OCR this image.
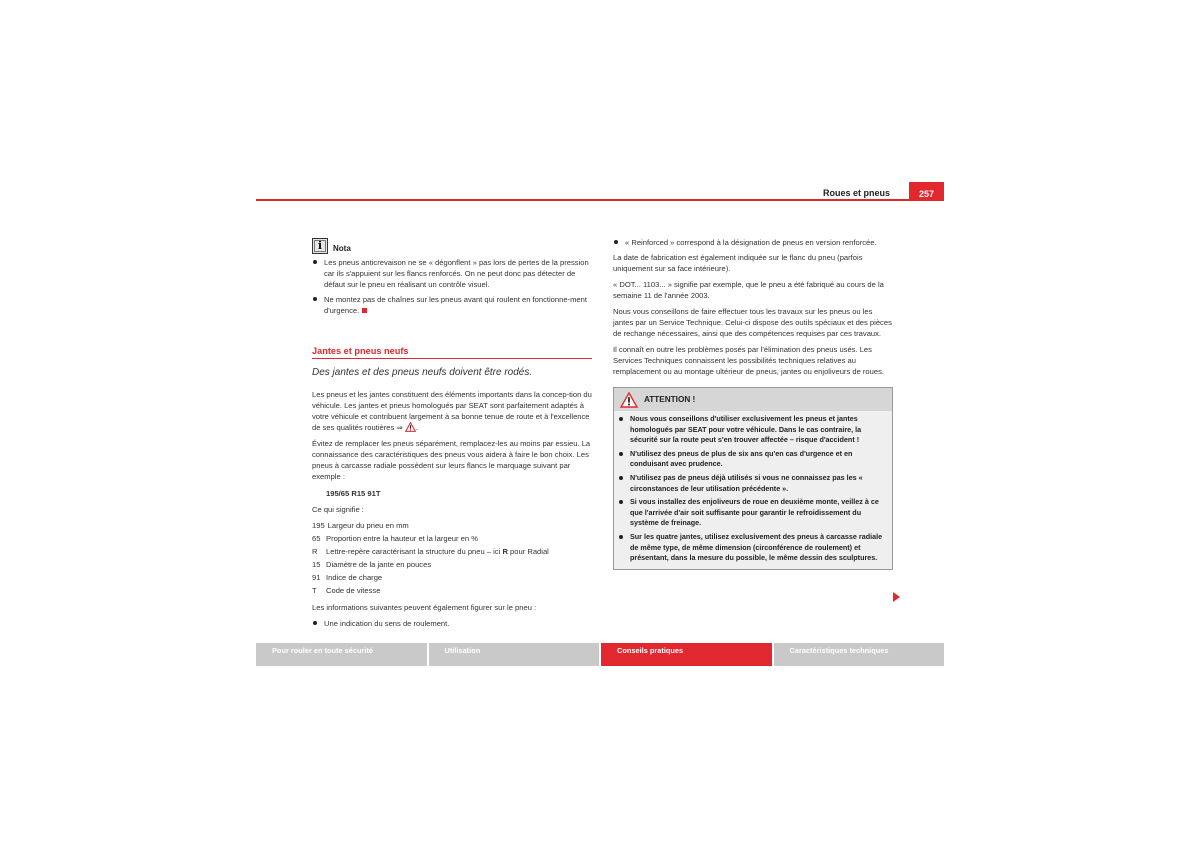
Roues et pneus	257
i	Nota
Les pneus anticrevaison ne se « dégonflent » pas lors de pertes de la pression car ils s'appuient sur les flancs renforcés. On ne peut donc pas détecter de défaut sur le pneu en réalisant un contrôle visuel.
Ne montez pas de chaînes sur les pneus avant qui roulent en fonctionne-ment d'urgence.
Jantes et pneus neufs
Des jantes et des pneus neufs doivent être rodés.

Les pneus et les jantes constituent des éléments importants dans la concep-tion du véhicule. Les jantes et pneus homologués par SEAT sont parfaitement adaptés à votre véhicule et contribuent largement à sa bonne tenue de route et à l'excellence de ses qualités routières ⇒ .

Évitez de remplacer les pneus séparément, remplacez-les au moins par essieu. La connaissance des caractéristiques des pneus vous aidera à faire le bon choix. Les pneus à carcasse radiale possèdent sur leurs flancs le marquage suivant par exemple :

195/65 R15 91T

Ce qui signifie :

195 Largeur du pneu en mm
65 Proportion entre la hauteur et la largeur en %
R	Lettre-repère caractérisant la structure du pneu – ici R pour Radial
15 Diamètre de la jante en pouces
91 Indice de charge
T	Code de vitesse

Les informations suivantes peuvent également figurer sur le pneu :

Une indication du sens de roulement.
« Reinforced » correspond à la désignation de pneus en version renforcée.

La date de fabrication est également indiquée sur le flanc du pneu (parfois uniquement sur sa face intérieure).

« DOT... 1103... » signifie par exemple, que le pneu a été fabriqué au cours de la semaine 11 de l'année 2003.

Nous vous conseillons de faire effectuer tous les travaux sur les pneus ou les jantes par un Service Technique. Celui-ci dispose des outils spéciaux et des pièces de rechange nécessaires, ainsi que des compétences requises par ces travaux.

Il connaît en outre les problèmes posés par l'élimination des pneus usés. Les Services Techniques connaissent les possibilités techniques relatives au remplacement ou au montage ultérieur de pneus, jantes ou enjoliveurs de roues.

ATTENTION !
Nous vous conseillons d'utiliser exclusivement les pneus et jantes homologués par SEAT pour votre véhicule. Dans le cas contraire, la sécurité sur la route peut s'en trouver affectée – risque d'accident !
N'utilisez des pneus de plus de six ans qu'en cas d'urgence et en conduisant avec prudence.
N'utilisez pas de pneus déjà utilisés si vous ne connaissez pas les « circonstances de leur utilisation précédente ».
Si vous installez des enjoliveurs de roue en deuxième monte, veillez à ce que l'arrivée d'air soit suffisante pour garantir le refroidissement du système de freinage.
Sur les quatre jantes, utilisez exclusivement des pneus à carcasse radiale de même type, de même dimension (circonférence de roulement) et présentant, dans la mesure du possible, le même dessin des sculptures.
Pour rouler en toute sécurité	Utilisation	Conseils pratiques	Caractéristiques techniques
